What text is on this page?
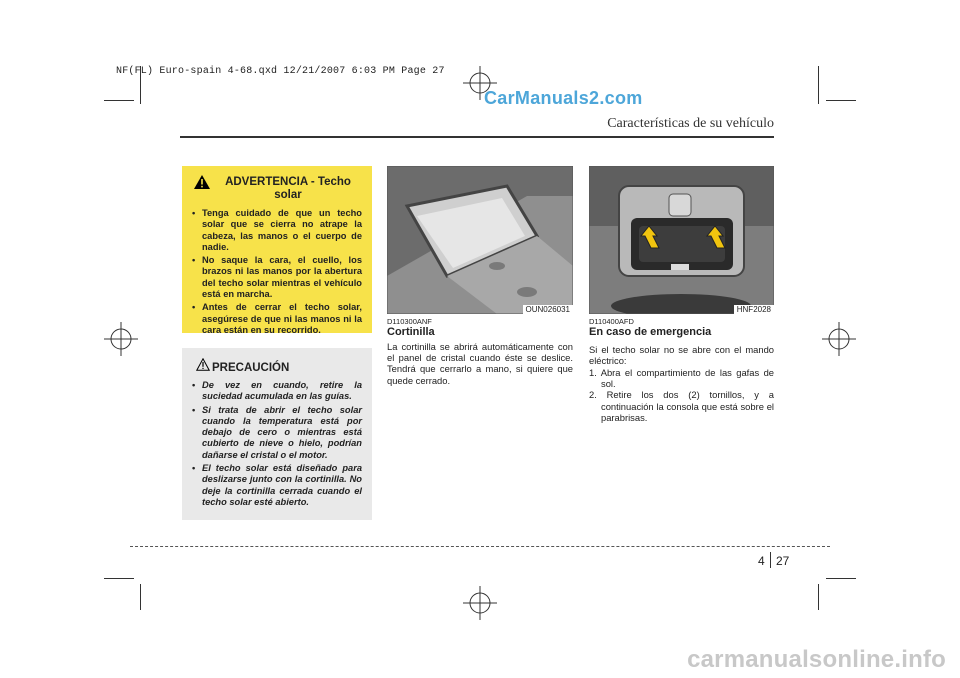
NF(FL) Euro-spain 4-68.qxd 12/21/2007 6:03 PM Page 27
CarManuals2.com
Características de su vehículo
ADVERTENCIA - Techo
solar
• Tenga cuidado de que un techo solar que se cierra no atrape la cabeza, las manos o el cuerpo de nadie.
• No saque la cara, el cuello, los brazos ni las manos por la abertura del techo solar mientras el vehículo está en marcha.
• Antes de cerrar el techo solar, asegúrese de que ni las manos ni la cara están en su recorrido.
PRECAUCIÓN
• De vez en cuando, retire la suciedad acumulada en las guías.
• Si trata de abrir el techo solar cuando la temperatura está por debajo de cero o mientras está cubierto de nieve o hielo, podrían dañarse el cristal o el motor.
• El techo solar está diseñado para deslizarse junto con la cortinilla. No deje la cortinilla cerrada cuando el techo solar esté abierto.
OUN026031
D110300ANF
Cortinilla
La cortinilla se abrirá automáticamente con el panel de cristal cuando éste se deslice. Tendrá que cerrarlo a mano, si quiere que quede cerrado.
HNF2028
D110400AFD
En caso de emergencia
Si el techo solar no se abre con el mando eléctrico:
1. Abra el compartimiento de las gafas de sol.
2. Retire los dos (2) tornillos, y a continuación la consola que está sobre el parabrisas.
4 27
carmanualsonline.info
